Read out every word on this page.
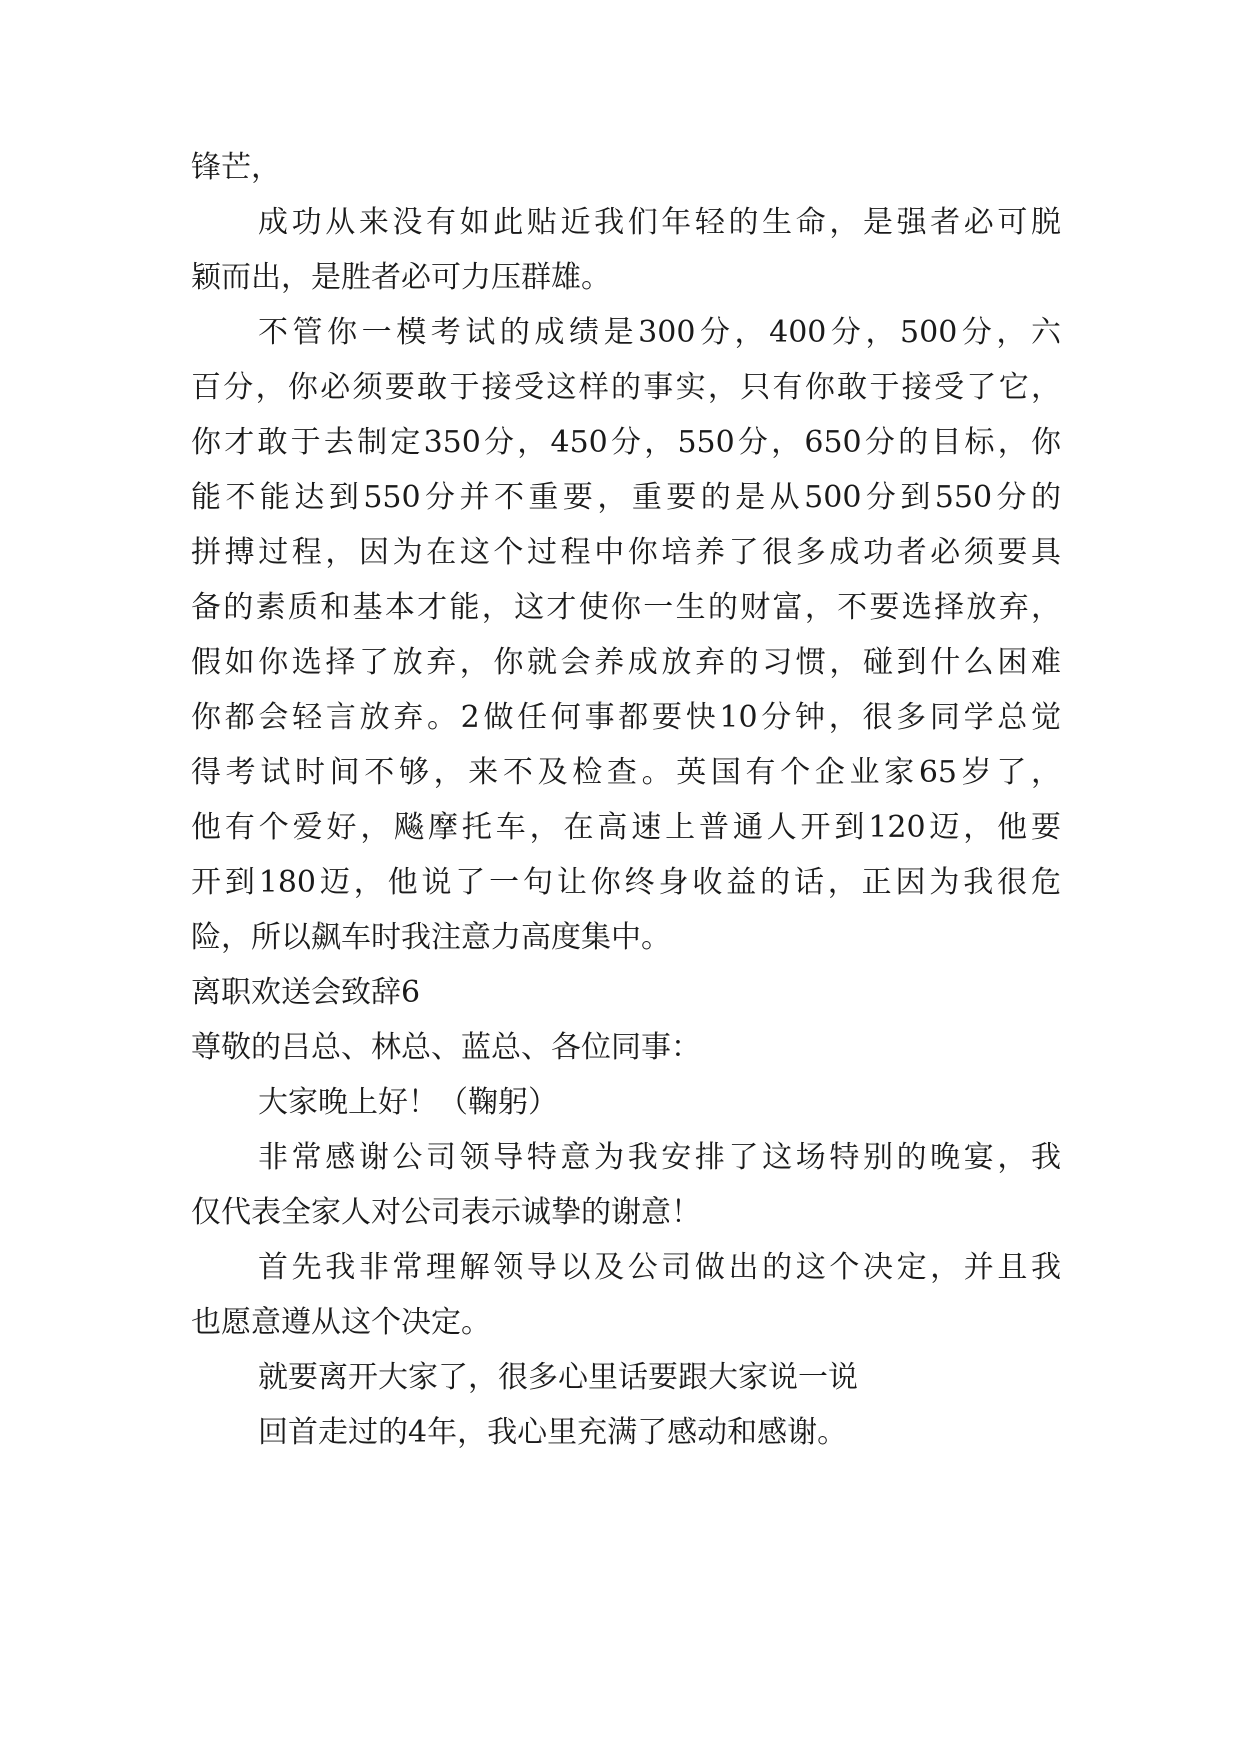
锋芒，
成功从来没有如此贴近我们年轻的生命，是强者必可脱
颖而出，是胜者必可力压群雄。
不管你一模考试的成绩是300分，400分，500分，六
百分，你必须要敢于接受这样的事实，只有你敢于接受了它，
你才敢于去制定350分，450分，550分，650分的目标，你
能不能达到550分并不重要，重要的是从500分到550分的
拼搏过程，因为在这个过程中你培养了很多成功者必须要具
备的素质和基本才能，这才使你一生的财富，不要选择放弃，
假如你选择了放弃，你就会养成放弃的习惯，碰到什么困难
你都会轻言放弃。2做任何事都要快10分钟，很多同学总觉
得考试时间不够，来不及检查。英国有个企业家65岁了，
他有个爱好，飚摩托车，在高速上普通人开到120迈，他要
开到180迈，他说了一句让你终身收益的话，正因为我很危
险，所以飙车时我注意力高度集中。
离职欢送会致辞6
尊敬的吕总、林总、蓝总、各位同事：
大家晚上好！（鞠躬）
非常感谢公司领导特意为我安排了这场特别的晚宴，我
仅代表全家人对公司表示诚挚的谢意！
首先我非常理解领导以及公司做出的这个决定，并且我
也愿意遵从这个决定。
就要离开大家了，很多心里话要跟大家说一说
回首走过的4年，我心里充满了感动和感谢。
